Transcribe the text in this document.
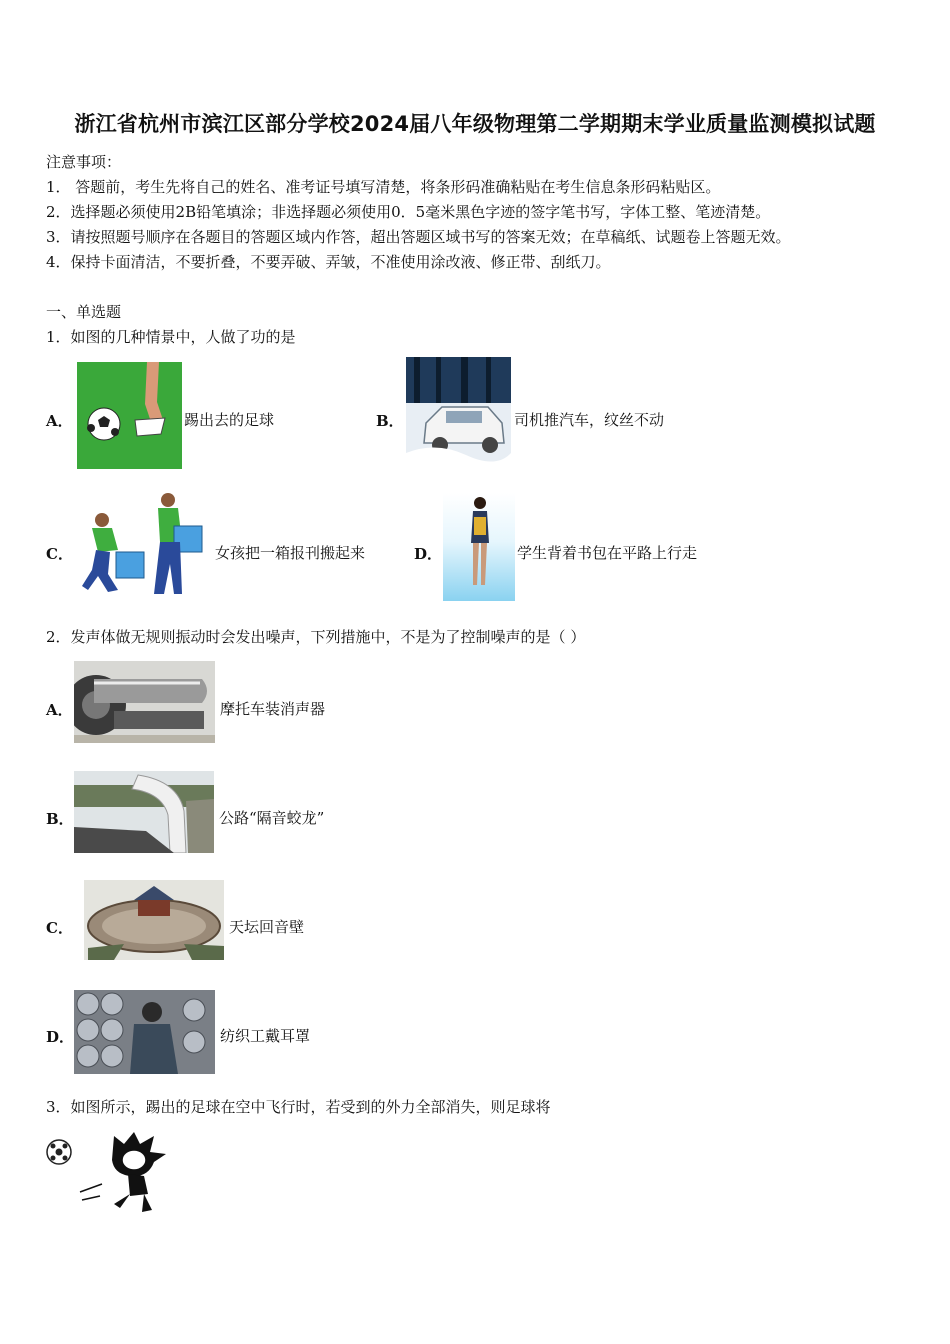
浙江省杭州市滨江区部分学校2024届八年级物理第二学期期末学业质量监测模拟试题
注意事项：
1． 答题前，考生先将自己的姓名、准考证号填写清楚，将条形码准确粘贴在考生信息条形码粘贴区。
2．选择题必须使用2B铅笔填涂；非选择题必须使用0．5毫米黑色字迹的签字笔书写，字体工整、笔迹清楚。
3．请按照题号顺序在各题目的答题区域内作答，超出答题区域书写的答案无效；在草稿纸、试题卷上答题无效。
4．保持卡面清洁，不要折叠，不要弄破、弄皱，不准使用涂改液、修正带、刮纸刀。
一、单选题
1．如图的几种情景中，人做了功的是
A．	踢出去的足球	B．	司机推汽车，纹丝不动
C．	女孩把一箱报刊搬起来	D．	学生背着书包在平路上行走
2．发声体做无规则振动时会发出噪声，下列措施中，不是为了控制噪声的是（ ）
A．	摩托车装消声器
B．	公路“隔音蛟龙”
C．	天坛回音壁
D．	纺织工戴耳罩
3．如图所示，踢出的足球在空中飞行时，若受到的外力全部消失，则足球将
